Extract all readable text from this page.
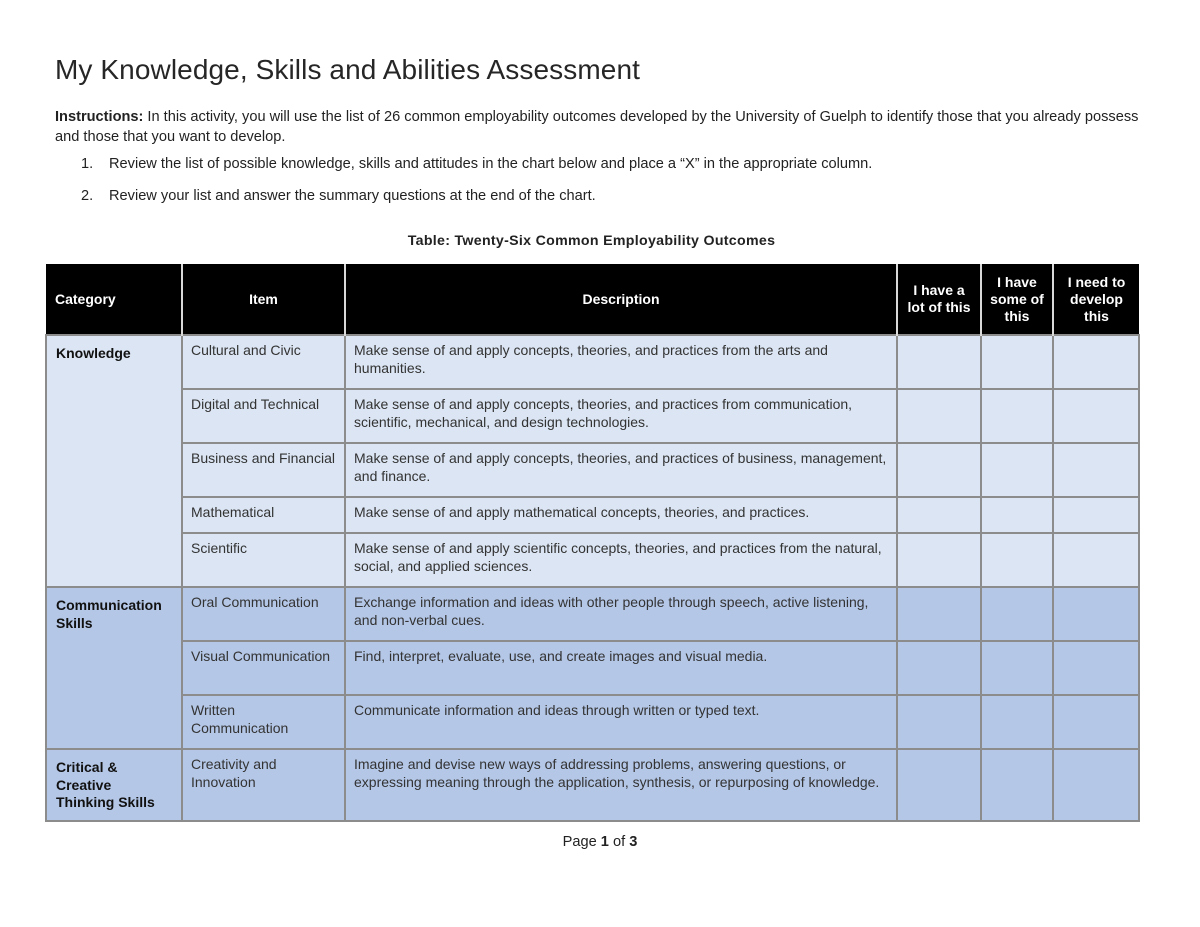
My Knowledge, Skills and Abilities Assessment

Instructions: In this activity, you will use the list of 26 common employability outcomes developed by the University of Guelph to identify those that you already possess and those that you want to develop.

1. Review the list of possible knowledge, skills and attitudes in the chart below and place a “X” in the appropriate column.
2. Review your list and answer the summary questions at the end of the chart.
Table: Twenty-Six Common Employability Outcomes
Category	Item	Description	I have a lot of this	I have some of this	I need to develop this
Knowledge	Cultural and Civic	Make sense of and apply concepts, theories, and practices from the arts and humanities.			
	Digital and Technical	Make sense of and apply concepts, theories, and practices from communication, scientific, mechanical, and design technologies.			
	Business and Financial	Make sense of and apply concepts, theories, and practices of business, management, and finance.			
	Mathematical	Make sense of and apply mathematical concepts, theories, and practices.			
	Scientific	Make sense of and apply scientific concepts, theories, and practices from the natural, social, and applied sciences.			
Communication Skills	Oral Communication	Exchange information and ideas with other people through speech, active listening, and non-verbal cues.			
	Visual Communication	Find, interpret, evaluate, use, and create images and visual media.			
	Written Communication	Communicate information and ideas through written or typed text.			
Critical & Creative Thinking Skills	Creativity and Innovation	Imagine and devise new ways of addressing problems, answering questions, or expressing meaning through the application, synthesis, or repurposing of knowledge.			
Page 1 of 3
